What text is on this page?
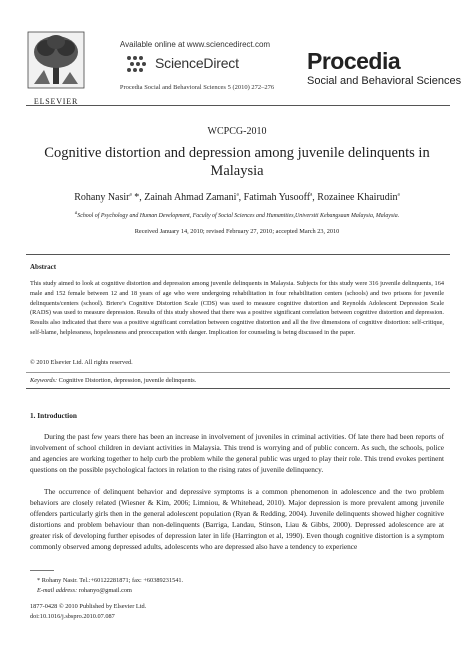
ELSEVIER
Available online at www.sciencedirect.com
ScienceDirect
Procedia Social and Behavioral Sciences 5 (2010) 272–276
Procedia
Social and Behavioral Sciences
WCPCG-2010
Cognitive distortion and depression among juvenile delinquents in
Malaysia
Rohany Nasir$^a$ *, Zainah Ahmad Zamani$^a$, Fatimah Yusooff$^a$, Rozainee Khairudin$^a$
$^a$School of Psychology and Human Development, Faculty of Social Sciences and Humanities,Universiti Kebangsaan Malaysia, Malaysia.
Received January 14, 2010; revised February 27, 2010; accepted March 23, 2010
Abstract
This study aimed to look at cognitive distortion and depression among juvenile delinquents in Malaysia. Subjects for this study were 316 juvenile delinquents, 164 male and 152 female between 12 and 18 years of age who were undergoing rehabilitation in four rehabilitation centers (schools) and two prisons for juvenile delinquents/centers (school). Briere’s Cognitive Distortion Scale (CDS) was used to measure cognitive distortion and Reynolds Adolescent Depression Scale (RADS) was used to measure depression. Results of this study showed that there was a positive significant correlation between cognitive distortion and depression. Results also indicated that there was a positive significant correlation between cognitive distortion and all the five dimensions of cognitive distortion: self-critique, self-blame, helplessness, hopelessness and preoccupation with danger. Implication for counseling is being discussed in the paper.
© 2010 Elsevier Ltd. All rights reserved.
Keywords: Cognitive Distortion, depression, juvenile delinquents.
1. Introduction
During the past few years there has been an increase in involvement of juveniles in criminal activities. Of late there had been reports of involvement of school children in deviant activities in Malaysia. This trend is worrying and of public concern. As such, the schools, police and agencies are working together to help curb the problem while the general public was urged to play their role. This trend evokes pertinent questions on the possible psychological factors in relation to the rising rates of juvenile delinquency.
The occurrence of delinquent behavior and depressive symptoms is a common phenomenon in adolescence and the two problem behaviors are closely related (Wiesner & Kim, 2006; Limniou, & Whitehead, 2010). Major depression is more prevalent among juvenile offenders particularly girls then in the general adolescent population (Ryan & Redding, 2004). Juvenile delinquents showed higher cognitive distortions and problem behaviour than non-delinquents (Barriga, Landau, Stinson, Liau & Gibbs, 2000). Depressed adolescence are at greater risk of developing further episodes of depression later in life (Harrington et al, 1990). Even though cognitive distortion is a symptom commonly observed among depressed adults, adolescents who are depressed also have a tendency to experience
* Rohany Nasir. Tel.:+60122281871; fax: +60389231541.
E-mail address: rohanyo@gmail.com
1877-0428 © 2010 Published by Elsevier Ltd.
doi:10.1016/j.sbspro.2010.07.087
